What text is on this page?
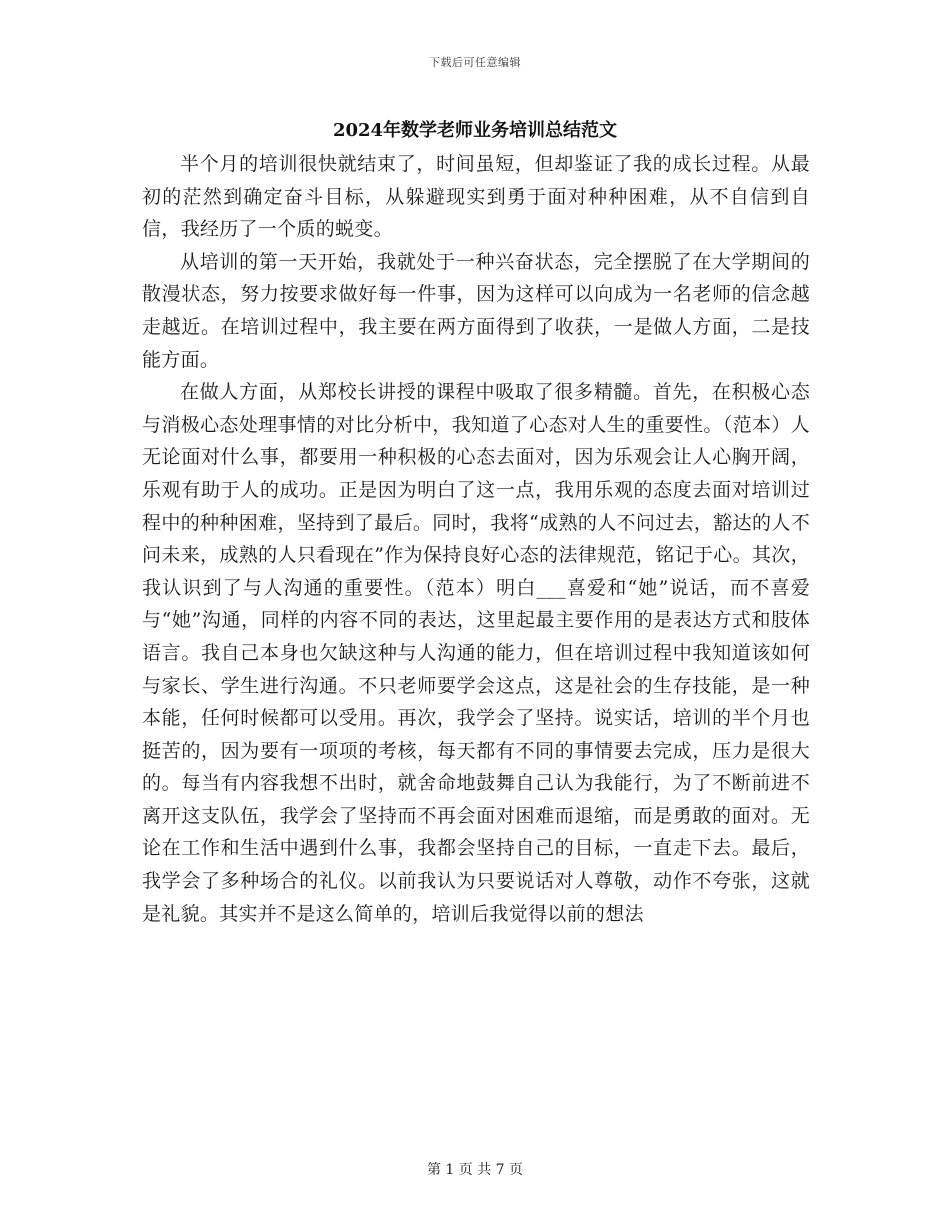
下载后可任意编辑
2024年数学老师业务培训总结范文

半个月的培训很快就结束了，时间虽短，但却鉴证了我的成长过程。从最初的茫然到确定奋斗目标，从躲避现实到勇于面对种种困难，从不自信到自信，我经历了一个质的蜕变。

从培训的第一天开始，我就处于一种兴奋状态，完全摆脱了在大学期间的散漫状态，努力按要求做好每一件事，因为这样可以向成为一名老师的信念越走越近。在培训过程中，我主要在两方面得到了收获，一是做人方面，二是技能方面。

在做人方面，从郑校长讲授的课程中吸取了很多精髓。首先，在积极心态与消极心态处理事情的对比分析中，我知道了心态对人生的重要性。（范本）人无论面对什么事，都要用一种积极的心态去面对，因为乐观会让人心胸开阔，乐观有助于人的成功。正是因为明白了这一点，我用乐观的态度去面对培训过程中的种种困难，坚持到了最后。同时，我将“成熟的人不问过去，豁达的人不问未来，成熟的人只看现在”作为保持良好心态的法律规范，铭记于心。其次，我认识到了与人沟通的重要性。（范本）明白___喜爱和“她”说话，而不喜爱与“她”沟通，同样的内容不同的表达，这里起最主要作用的是表达方式和肢体语言。我自己本身也欠缺这种与人沟通的能力，但在培训过程中我知道该如何与家长、学生进行沟通。不只老师要学会这点，这是社会的生存技能，是一种本能，任何时候都可以受用。再次，我学会了坚持。说实话，培训的半个月也挺苦的，因为要有一项项的考核，每天都有不同的事情要去完成，压力是很大的。每当有内容我想不出时，就舍命地鼓舞自己认为我能行，为了不断前进不离开这支队伍，我学会了坚持而不再会面对困难而退缩，而是勇敢的面对。无论在工作和生活中遇到什么事，我都会坚持自己的目标，一直走下去。最后，我学会了多种场合的礼仪。以前我认为只要说话对人尊敬，动作不夸张，这就是礼貌。其实并不是这么简单的，培训后我觉得以前的想法

第 1 页 共 7 页
